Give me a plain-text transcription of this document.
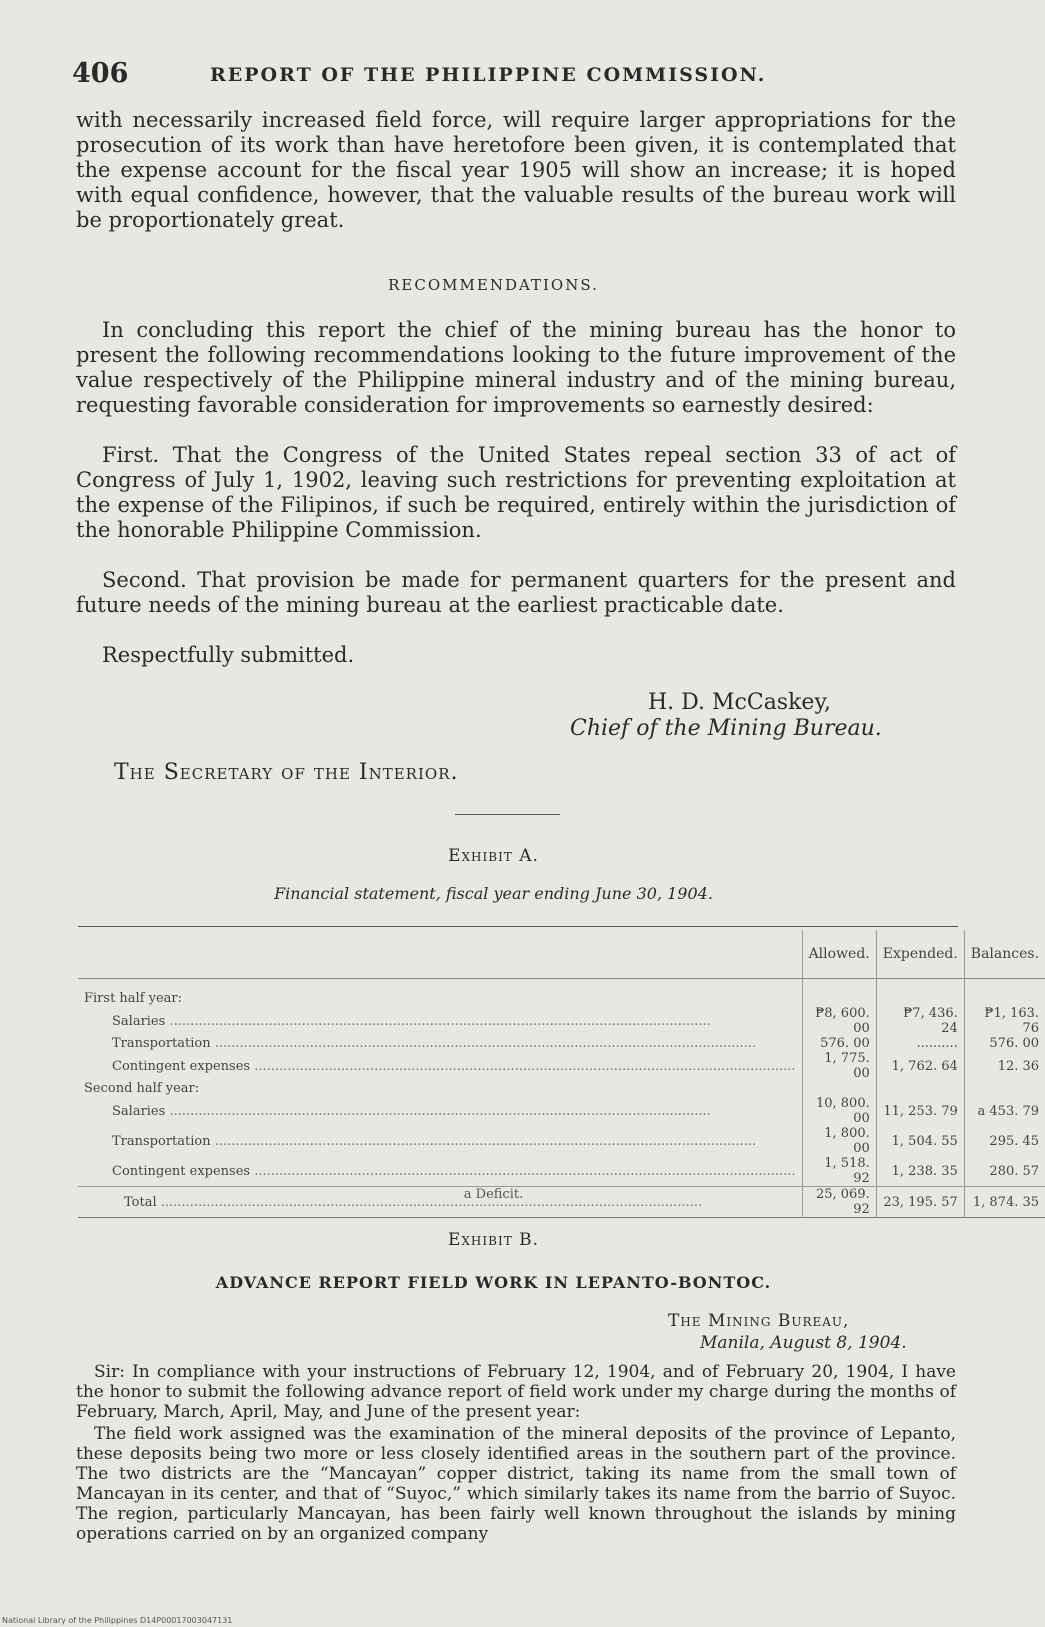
406	REPORT OF THE PHILIPPINE COMMISSION.

with necessarily increased field force, will require larger appropriations for the prosecution of its work than have heretofore been given, it is contemplated that the expense account for the fiscal year 1905 will show an increase; it is hoped with equal confidence, however, that the valuable results of the bureau work will be proportionately great.

RECOMMENDATIONS.

In concluding this report the chief of the mining bureau has the honor to present the following recommendations looking to the future improvement of the value respectively of the Philippine mineral industry and of the mining bureau, requesting favorable consideration for improvements so earnestly desired:

First. That the Congress of the United States repeal section 33 of act of Congress of July 1, 1902, leaving such restrictions for preventing exploitation at the expense of the Filipinos, if such be required, entirely within the jurisdiction of the honorable Philippine Commission.

Second. That provision be made for permanent quarters for the present and future needs of the mining bureau at the earliest practicable date.

Respectfully submitted.

H. D. McCaskey,
Chief of the Mining Bureau.
The Secretary of the Interior.

Exhibit A.

Financial statement, fiscal year ending June 30, 1904.

	Allowed.	Expended.	Balances.
First half year:			
Salaries .....	₱8, 600. 00	₱7, 436. 24	₱1, 163. 76
Transportation .....	576. 00	..........	576. 00
Contingent expenses .....	1, 775. 00	1, 762. 64	12. 36
Second half year:			
Salaries .....	10, 800. 00	11, 253. 79	a 453. 79
Transportation .....	1, 800. 00	1, 504. 55	295. 45
Contingent expenses .....	1, 518. 92	1, 238. 35	280. 57
Total .....	25, 069. 92	23, 195. 57	1, 874. 35

a Deficit.

Exhibit B.

ADVANCE REPORT FIELD WORK IN LEPANTO-BONTOC.

The Mining Bureau,
Manila, August 8, 1904.

Sir: In compliance with your instructions of February 12, 1904, and of February 20, 1904, I have the honor to submit the following advance report of field work under my charge during the months of February, March, April, May, and June of the present year:

The field work assigned was the examination of the mineral deposits of the province of Lepanto, these deposits being two more or less closely identified areas in the southern part of the province. The two districts are the “Mancayan” copper district, taking its name from the small town of Mancayan in its center, and that of “Suyoc,” which similarly takes its name from the barrio of Suyoc. The region, particularly Mancayan, has been fairly well known throughout the islands by mining operations carried on by an organized company

National Library of the Philippines D14P00017003047131
